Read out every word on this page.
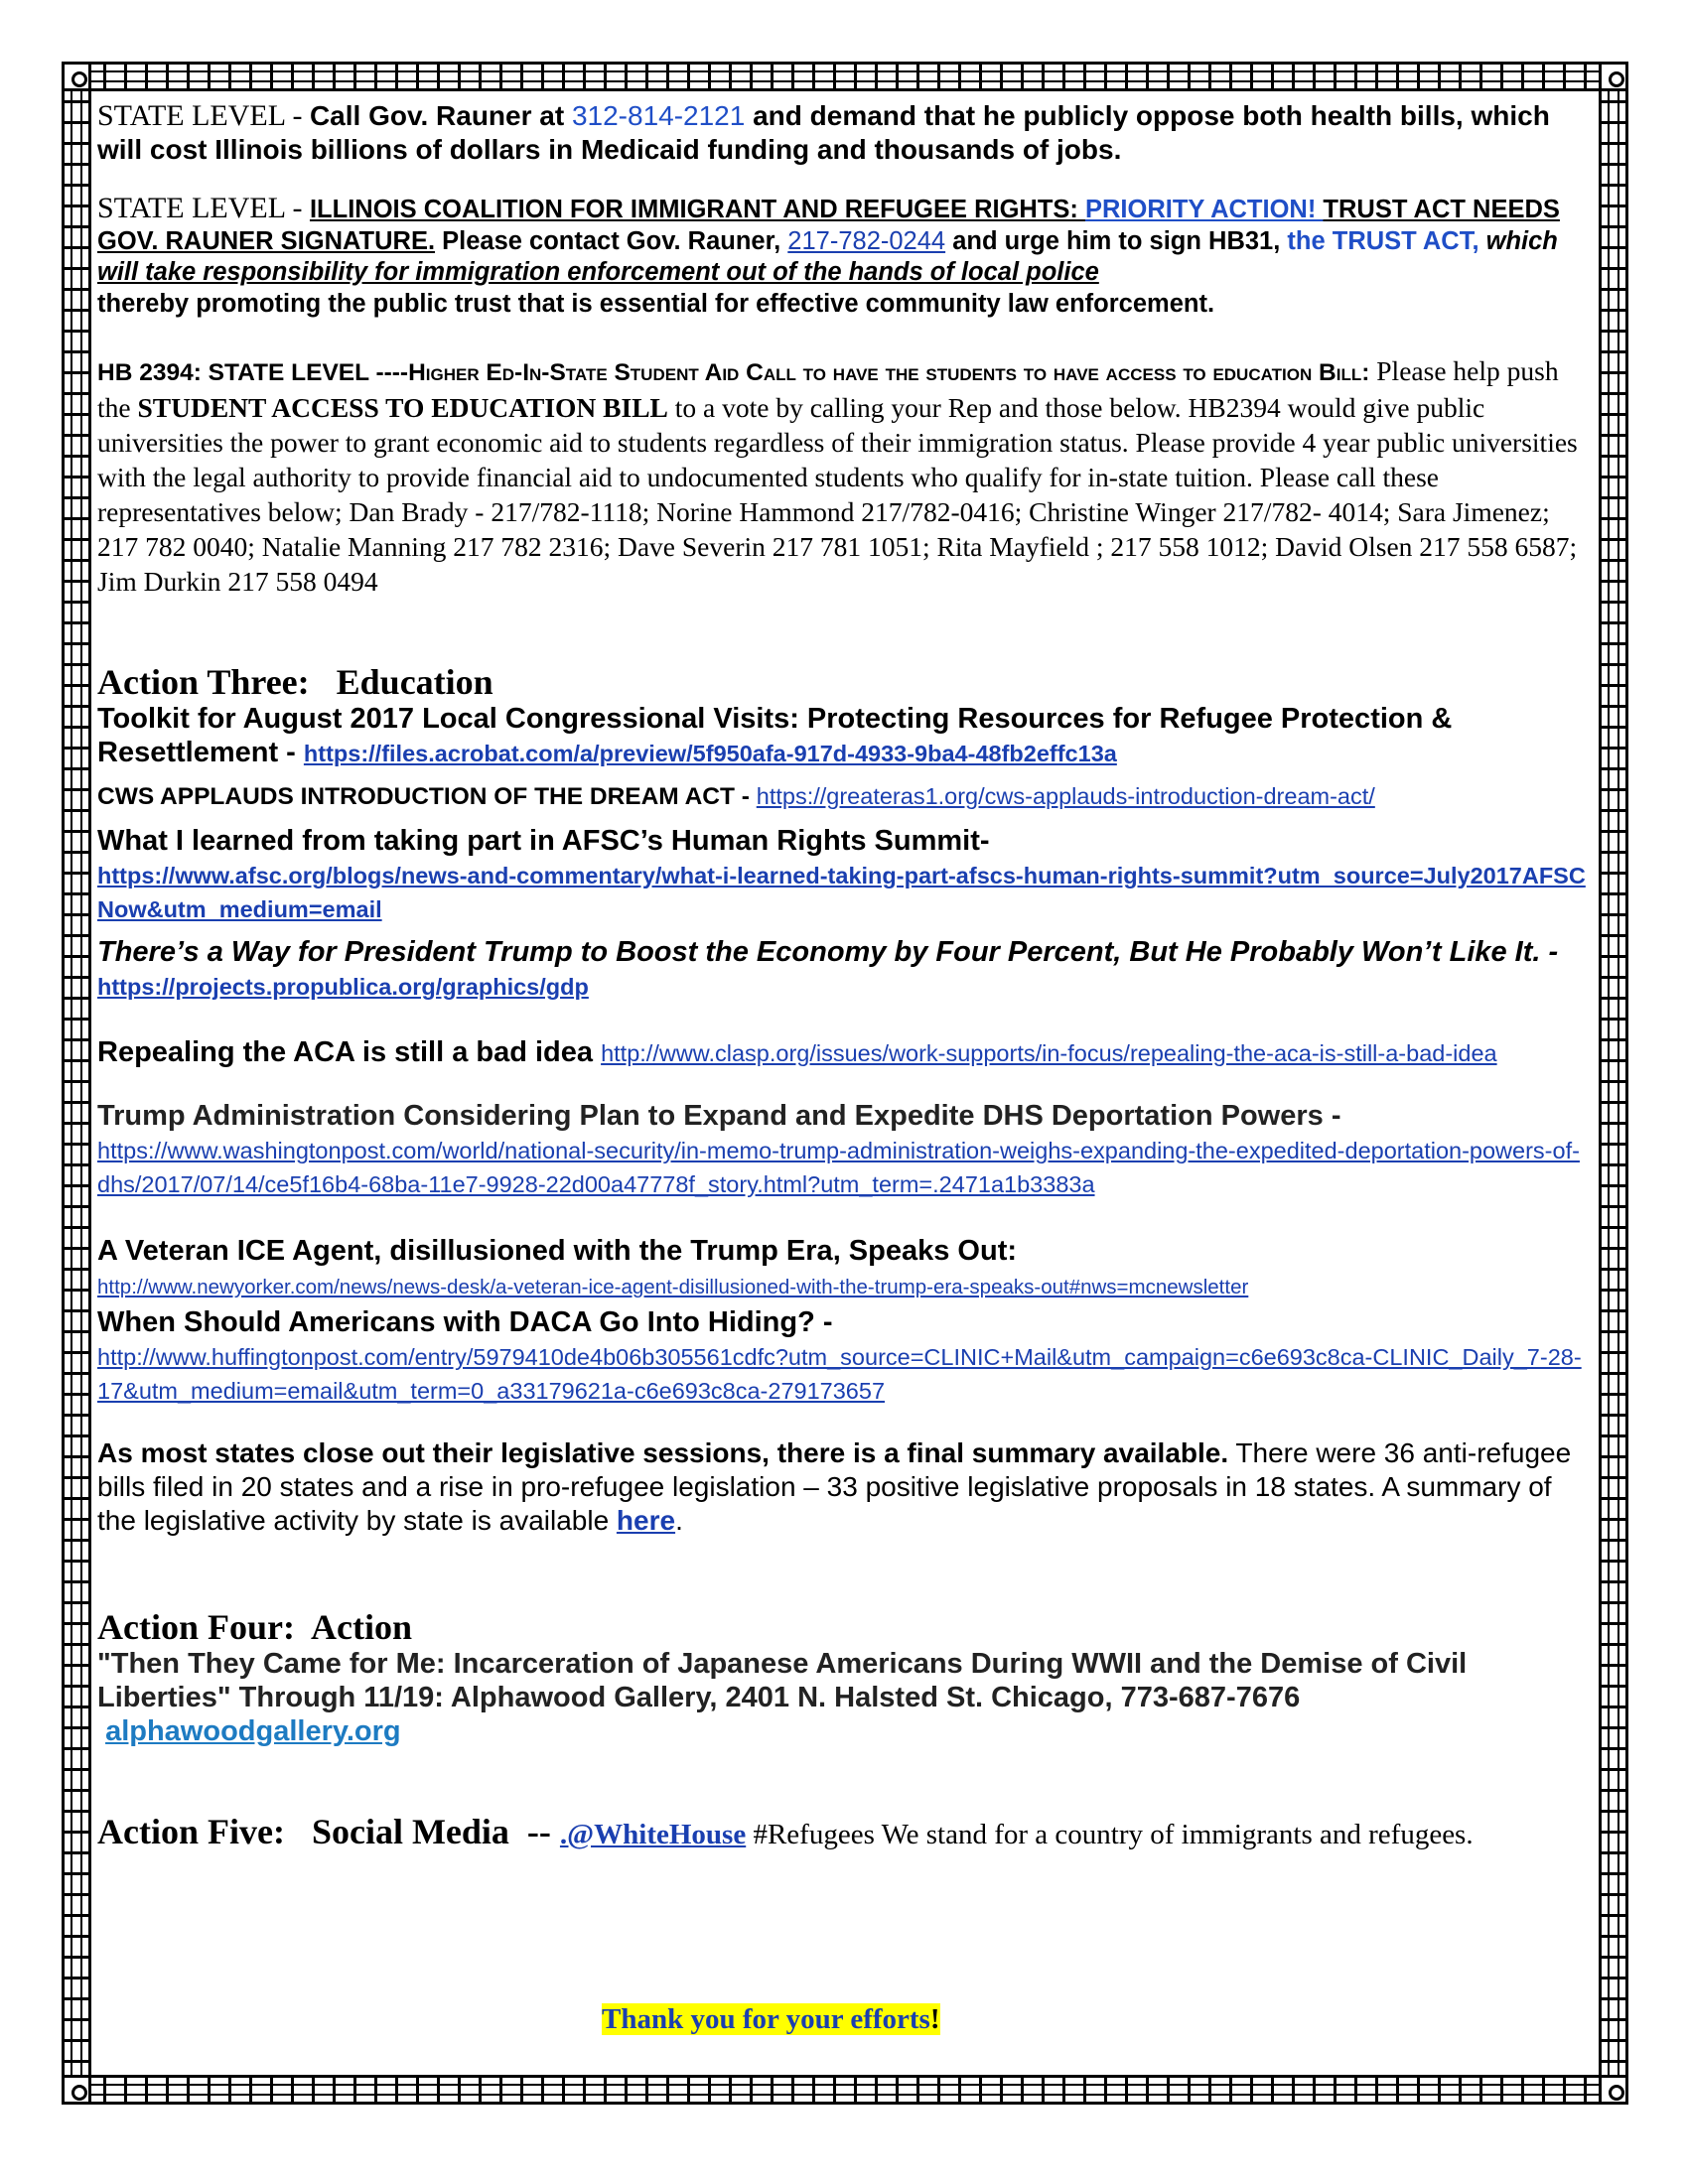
STATE LEVEL - Call Gov. Rauner at 312-814-2121 and demand that he publicly oppose both health bills, which will cost Illinois billions of dollars in Medicaid funding and thousands of jobs.

STATE LEVEL - ILLINOIS COALITION FOR IMMIGRANT AND REFUGEE RIGHTS: PRIORITY ACTION! TRUST ACT NEEDS GOV. RAUNER SIGNATURE. Please contact Gov. Rauner, 217-782-0244 and urge him to sign HB31, the TRUST ACT, which will take responsibility for immigration enforcement out of the hands of local police
thereby promoting the public trust that is essential for effective community law enforcement.

HB 2394: STATE LEVEL ----Higher Ed-In-State Student Aid Call to have the students to have access to education Bill: Please help push the STUDENT ACCESS TO EDUCATION BILL to a vote by calling your Rep and those below. HB2394 would give public universities the power to grant economic aid to students regardless of their immigration status. Please provide 4 year public universities with the legal authority to provide financial aid to undocumented students who qualify for in-state tuition. Please call these representatives below; Dan Brady - 217/782-1118; Norine Hammond 217/782-0416; Christine Winger 217/782- 4014; Sara Jimenez; 217 782 0040; Natalie Manning 217 782 2316; Dave Severin 217 781 1051; Rita Mayfield ; 217 558 1012; David Olsen 217 558 6587; Jim Durkin 217 558 0494

Action Three:   Education

Toolkit for August 2017 Local Congressional Visits: Protecting Resources for Refugee Protection & Resettlement - https://files.acrobat.com/a/preview/5f950afa-917d-4933-9ba4-48fb2effc13a

CWS APPLAUDS INTRODUCTION OF THE DREAM ACT - https://greateras1.org/cws-applauds-introduction-dream-act/

What I learned from taking part in AFSC’s Human Rights Summit-
https://www.afsc.org/blogs/news-and-commentary/what-i-learned-taking-part-afscs-human-rights-summit?utm_source=July2017AFSCNow&utm_medium=email

There’s a Way for President Trump to Boost the Economy by Four Percent, But He Probably Won’t Like It. - https://projects.propublica.org/graphics/gdp

Repealing the ACA is still a bad idea http://www.clasp.org/issues/work-supports/in-focus/repealing-the-aca-is-still-a-bad-idea

Trump Administration Considering Plan to Expand and Expedite DHS Deportation Powers -
https://www.washingtonpost.com/world/national-security/in-memo-trump-administration-weighs-expanding-the-expedited-deportation-powers-of-dhs/2017/07/14/ce5f16b4-68ba-11e7-9928-22d00a47778f_story.html?utm_term=.2471a1b3383a

A Veteran ICE Agent, disillusioned with the Trump Era, Speaks Out:
http://www.newyorker.com/news/news-desk/a-veteran-ice-agent-disillusioned-with-the-trump-era-speaks-out#nws=mcnewsletter

When Should Americans with DACA Go Into Hiding? -
http://www.huffingtonpost.com/entry/5979410de4b06b305561cdfc?utm_source=CLINIC+Mail&utm_campaign=c6e693c8ca-CLINIC_Daily_7-28-17&utm_medium=email&utm_term=0_a33179621a-c6e693c8ca-279173657

As most states close out their legislative sessions, there is a final summary available. There were 36 anti-refugee bills filed in 20 states and a rise in pro-refugee legislation – 33 positive legislative proposals in 18 states. A summary of the legislative activity by state is available here.

Action Four:  Action

"Then They Came for Me: Incarceration of Japanese Americans During WWII and the Demise of Civil Liberties" Through 11/19: Alphawood Gallery, 2401 N. Halsted St. Chicago, 773-687-7676
alphawoodgallery.org

Action Five:   Social Media  -- .@WhiteHouse #Refugees We stand for a country of immigrants and refugees.

Thank you for your efforts!
